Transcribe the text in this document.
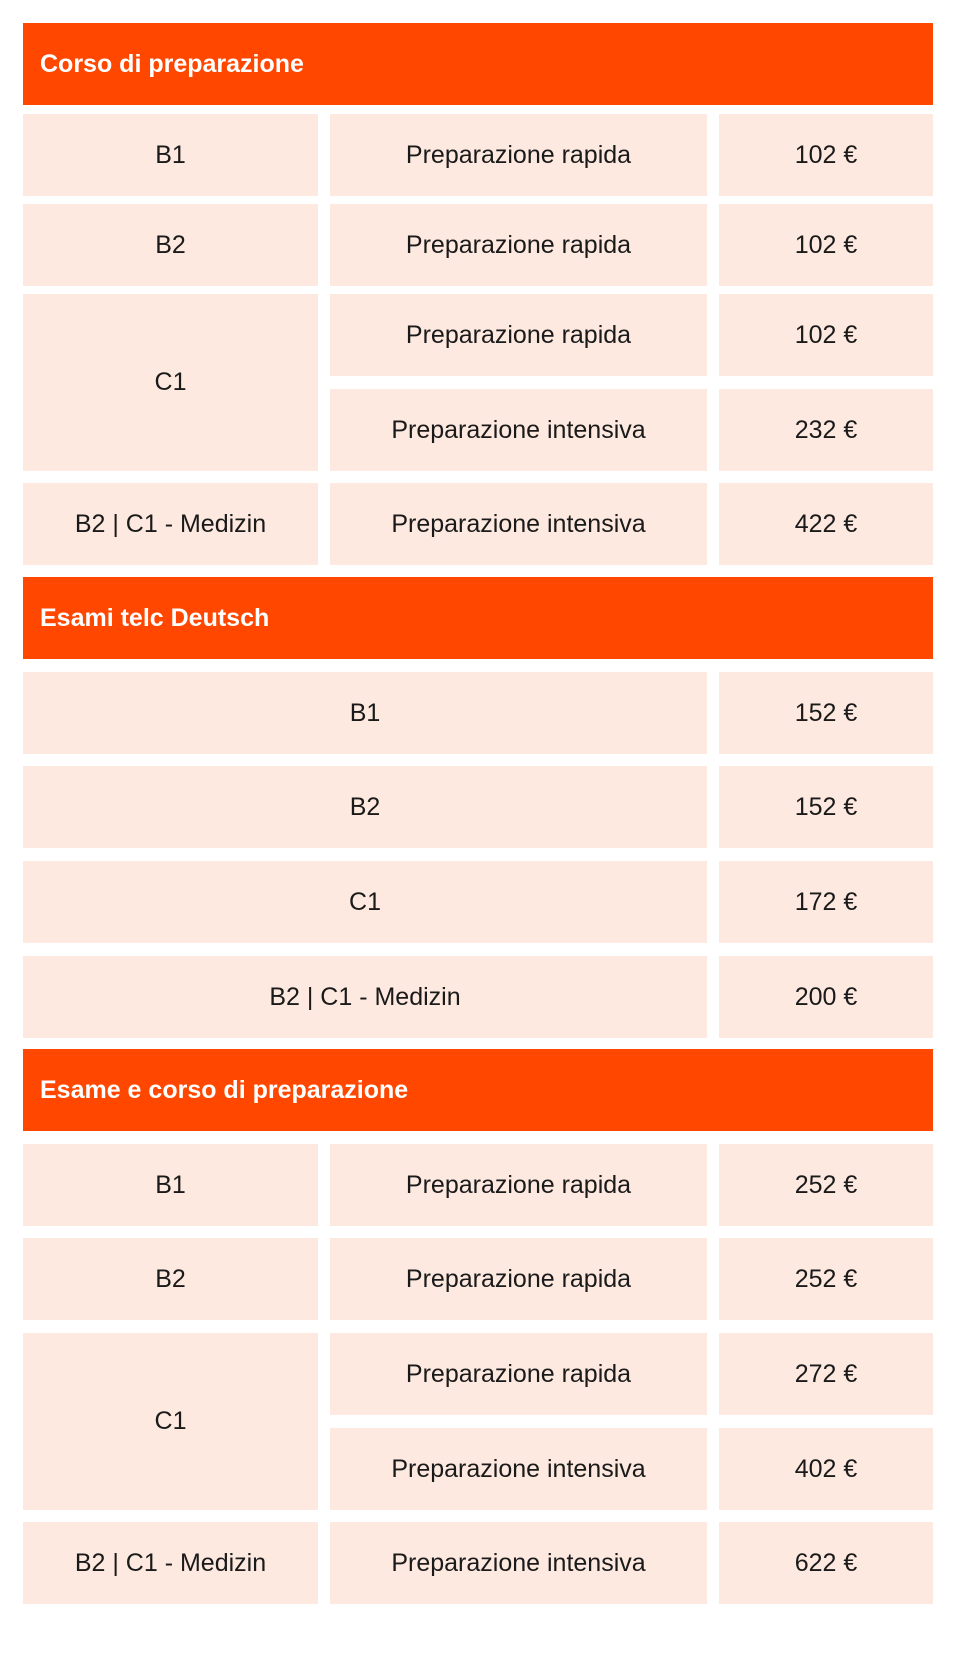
Corso di preparazione
B1	Preparazione rapida	102 €
B2	Preparazione rapida	102 €
C1
Preparazione rapida	102 €
Preparazione intensiva	232 €
B2 | C1 - Medizin	Preparazione intensiva	422 €
Esami telc Deutsch
B1	152 €
B2	152 €
C1	172 €
B2 | C1 - Medizin	200 €
Esame e corso di preparazione
B1	Preparazione rapida	252 €
B2	Preparazione rapida	252 €
C1
Preparazione rapida	272 €
Preparazione intensiva	402 €
B2 | C1 - Medizin	Preparazione intensiva	622 €
